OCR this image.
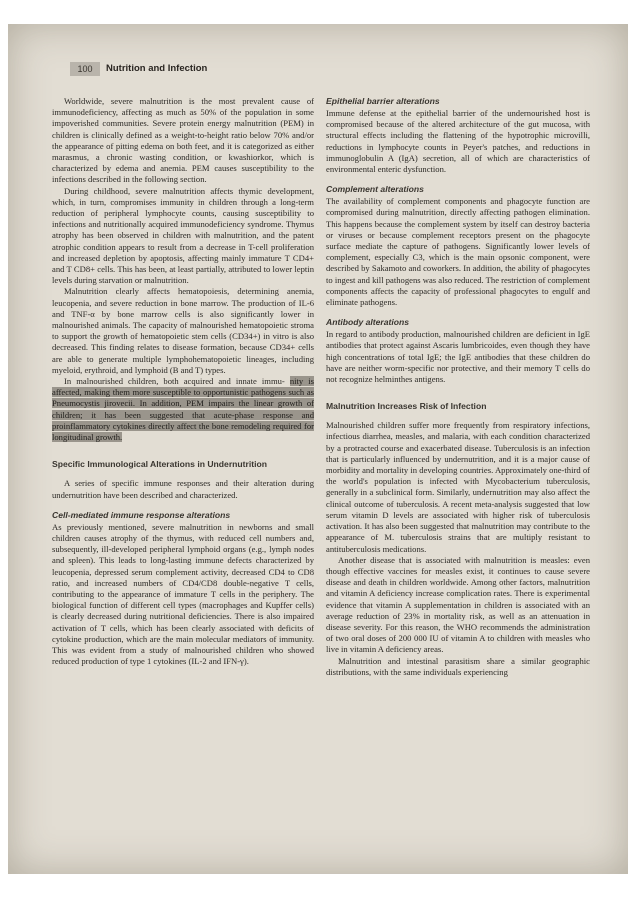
100	Nutrition and Infection

Worldwide, severe malnutrition is the most prevalent cause of immunodeficiency, affecting as much as 50% of the population in some impoverished communities. Severe protein energy malnutrition (PEM) in children is clinically defined as a weight-to-height ratio below 70% and/or the appearance of pitting edema on both feet, and it is categorized as either marasmus, a chronic wasting condition, or kwashiorkor, which is characterized by edema and anemia. PEM causes susceptibility to the infections described in the following section.

During childhood, severe malnutrition affects thymic development, which, in turn, compromises immunity in children through a long-term reduction of peripheral lymphocyte counts, causing susceptibility to infections and nutritionally acquired immunodeficiency syndrome. Thymus atrophy has been observed in children with malnutrition, and the patent atrophic condition appears to result from a decrease in T-cell proliferation and increased depletion by apoptosis, affecting mainly immature T CD4+ and T CD8+ cells. This has been, at least partially, attributed to lower leptin levels during starvation or malnutrition.

Malnutrition clearly affects hematopoiesis, determining anemia, leucopenia, and severe reduction in bone marrow. The production of IL-6 and TNF-α by bone marrow cells is also significantly lower in malnourished animals. The capacity of malnourished hematopoietic stroma to support the growth of hematopoietic stem cells (CD34+) in vitro is also decreased. This finding relates to disease formation, because CD34+ cells are able to generate multiple lymphohematopoietic lineages, including myeloid, erythroid, and lymphoid (B and T) types.

In malnourished children, both acquired and innate immu- nity is affected, making them more susceptible to opportunistic pathogens such as Pneumocystis jirovecii. In addition, PEM impairs the linear growth of children; it has been suggested that acute-phase response and proinflammatory cytokines directly affect the bone remodeling required for longitudinal growth.

Specific Immunological Alterations in Undernutrition

A series of specific immune responses and their alteration during undernutrition have been described and characterized.

Cell-mediated immune response alterations

As previously mentioned, severe malnutrition in newborns and small children causes atrophy of the thymus, with reduced cell numbers and, subsequently, ill-developed peripheral lymphoid organs (e.g., lymph nodes and spleen). This leads to long-lasting immune defects characterized by leucopenia, depressed serum complement activity, decreased CD4 to CD8 ratio, and increased numbers of CD4/CD8 double-negative T cells, contributing to the appearance of immature T cells in the periphery. The biological function of different cell types (macrophages and Kupffer cells) is clearly decreased during nutritional deficiencies. There is also impaired activation of T cells, which has been clearly associated with deficits of cytokine production, which are the main molecular mediators of immunity. This was evident from a study of malnourished children who showed reduced production of type 1 cytokines (IL-2 and IFN-γ).

Epithelial barrier alterations

Immune defense at the epithelial barrier of the undernourished host is compromised because of the altered architecture of the gut mucosa, with structural effects including the flattening of the hypotrophic microvilli, reductions in lymphocyte counts in Peyer's patches, and reductions in immunoglobulin A (IgA) secretion, all of which are characteristics of environmental enteric dysfunction.

Complement alterations

The availability of complement components and phagocyte function are compromised during malnutrition, directly affecting pathogen elimination. This happens because the complement system by itself can destroy bacteria or viruses or because complement receptors present on the phagocyte surface mediate the capture of pathogens. Significantly lower levels of complement, especially C3, which is the main opsonic component, were described by Sakamoto and coworkers. In addition, the ability of phagocytes to ingest and kill pathogens was also reduced. The restriction of complement components affects the capacity of professional phagocytes to engulf and eliminate pathogens.

Antibody alterations

In regard to antibody production, malnourished children are deficient in IgE antibodies that protect against Ascaris lumbricoides, even though they have high concentrations of total IgE; the IgE antibodies that these children do have are neither worm-specific nor protective, and their memory T cells do not recognize helminthes antigens.

Malnutrition Increases Risk of Infection

Malnourished children suffer more frequently from respiratory infections, infectious diarrhea, measles, and malaria, with each condition characterized by a protracted course and exacerbated disease. Tuberculosis is an infection that is particularly influenced by undernutrition, and it is a major cause of morbidity and mortality in developing countries. Approximately one-third of the world's population is infected with Mycobacterium tuberculosis, generally in a subclinical form. Similarly, undernutrition may also affect the clinical outcome of tuberculosis. A recent meta-analysis suggested that low serum vitamin D levels are associated with higher risk of tuberculosis activation. It has also been suggested that malnutrition may contribute to the appearance of M. tuberculosis strains that are multiply resistant to antituberculosis medications.

Another disease that is associated with malnutrition is measles: even though effective vaccines for measles exist, it continues to cause severe disease and death in children worldwide. Among other factors, malnutrition and vitamin A deficiency increase complication rates. There is experimental evidence that vitamin A supplementation in children is associated with an average reduction of 23% in mortality risk, as well as an attenuation in disease severity. For this reason, the WHO recommends the administration of two oral doses of 200 000 IU of vitamin A to children with measles who live in vitamin A deficiency areas.

Malnutrition and intestinal parasitism share a similar geographic distributions, with the same individuals experiencing
